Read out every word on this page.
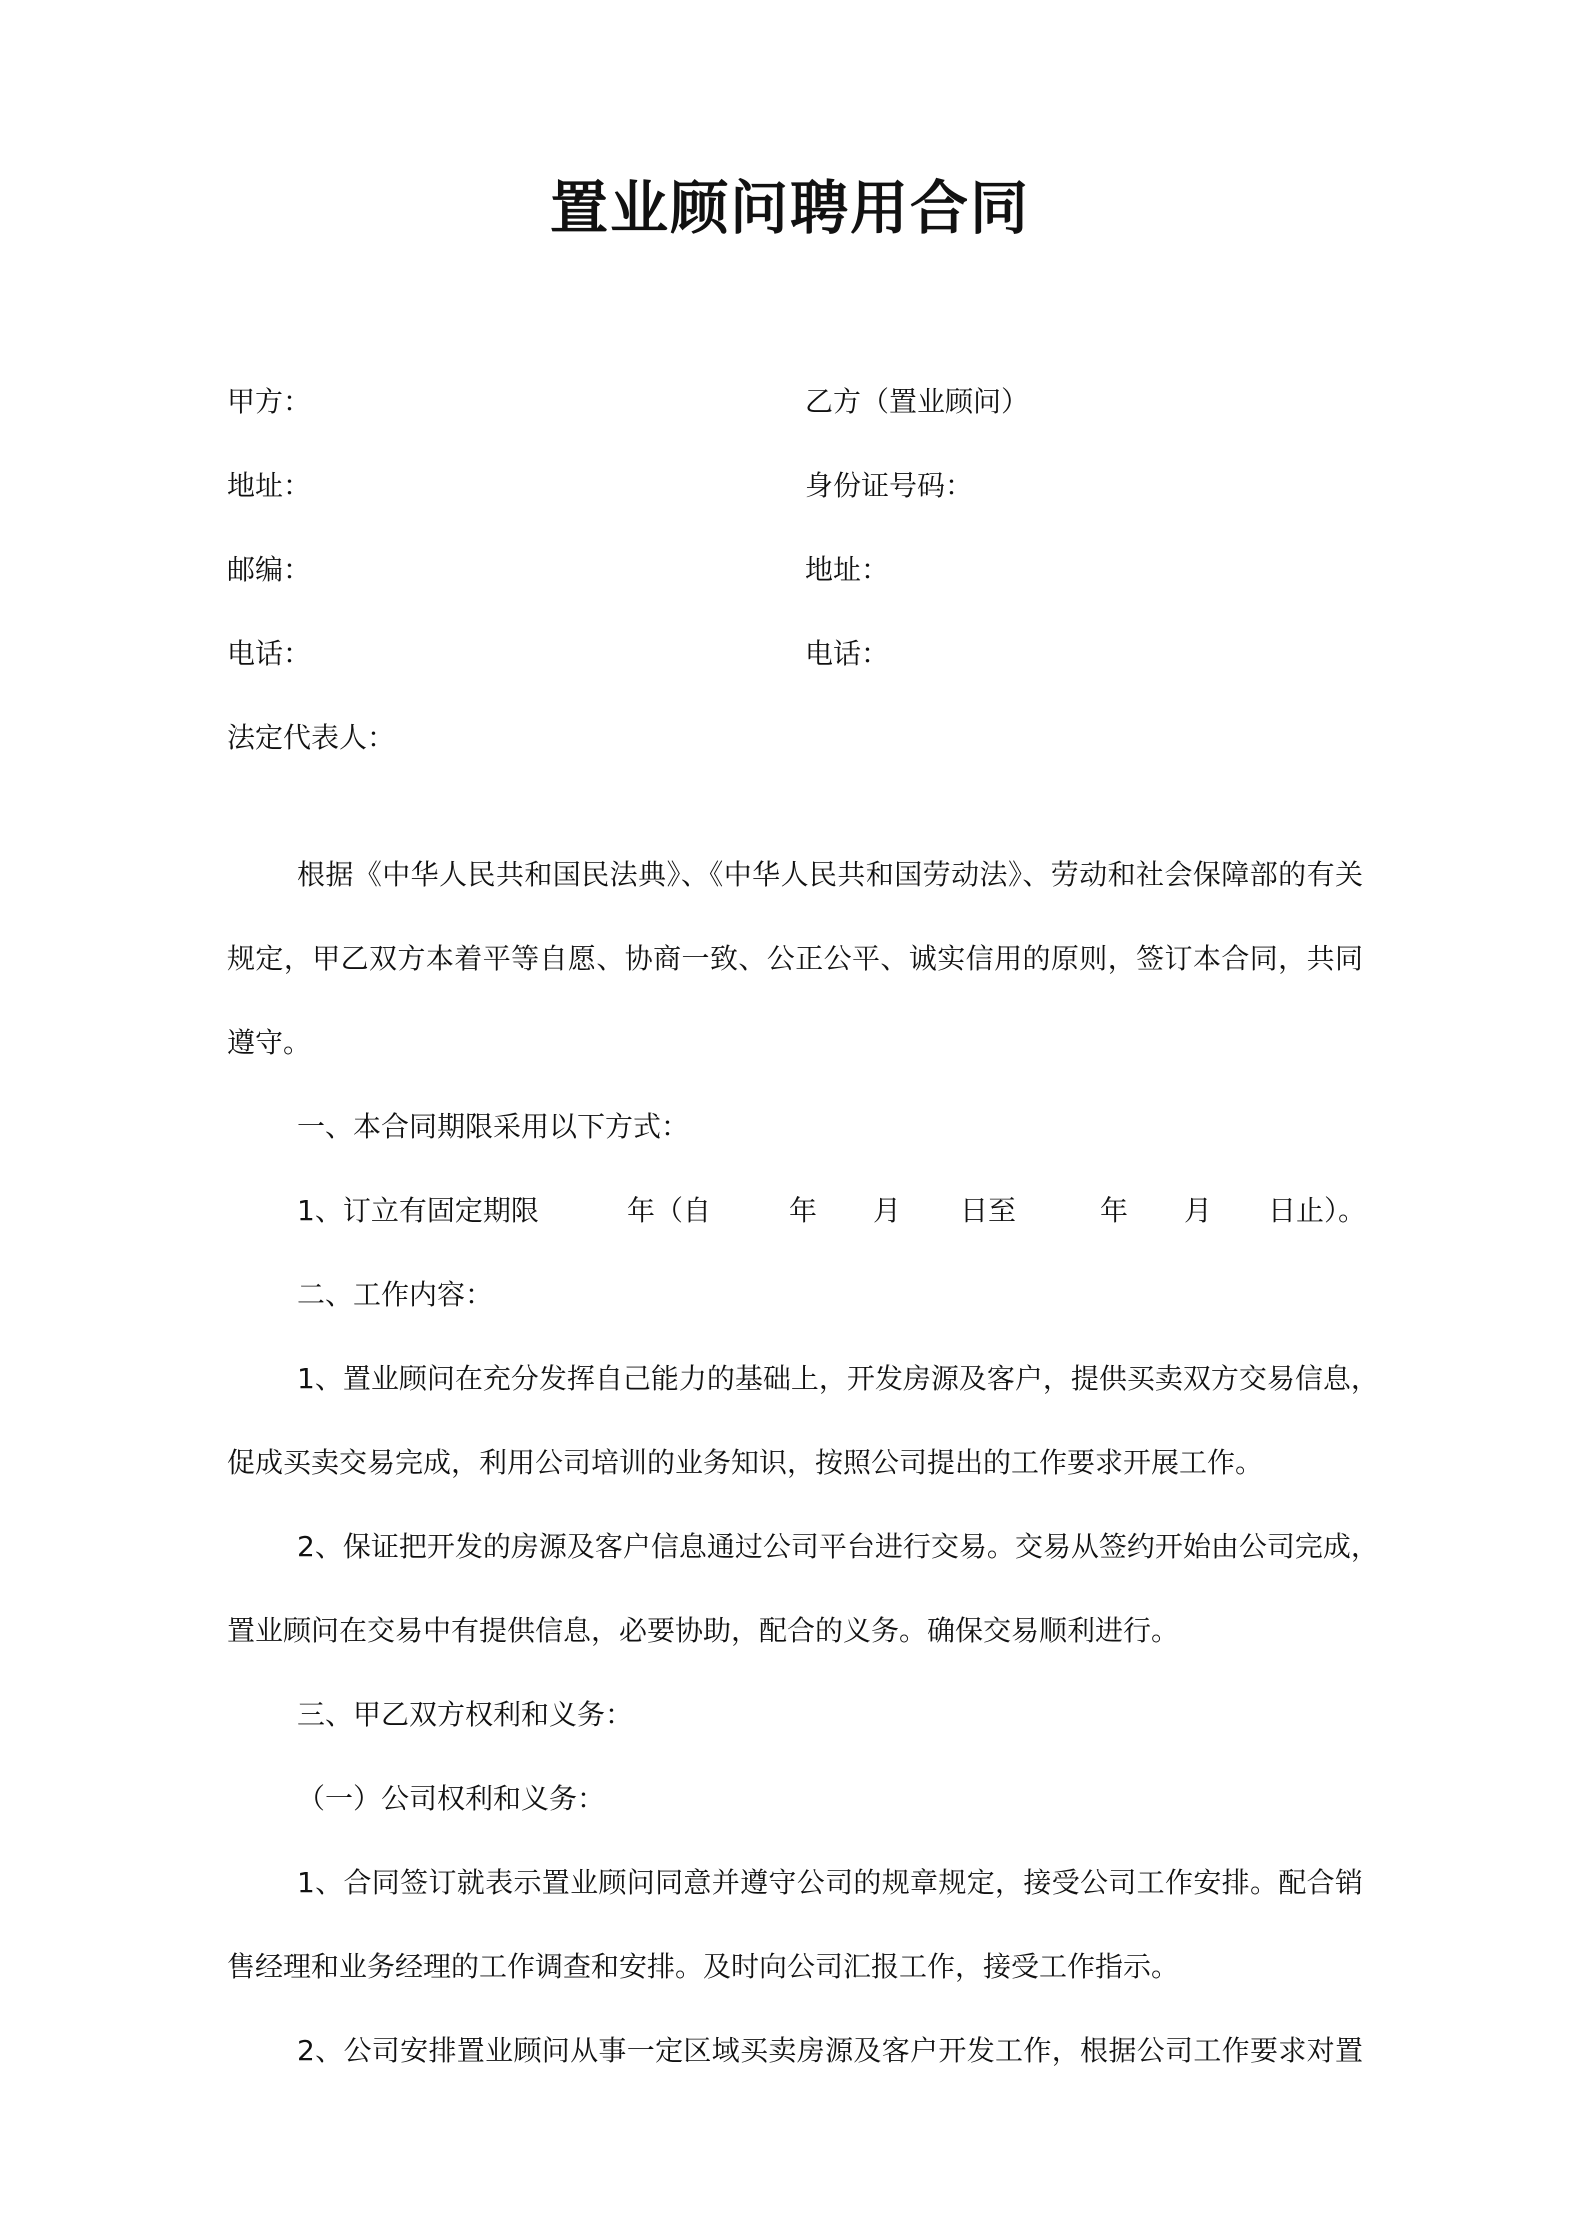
置业顾问聘用合同
甲方：	乙方（置业顾问）
地址：	身份证号码：
邮编：	地址：
电话：	电话：
法定代表人：
根据《中华人民共和国民法典》、《中华人民共和国劳动法》、劳动和社会保障部的有关
规定，甲乙双方本着平等自愿、协商一致、公正公平、诚实信用的原则，签订本合同，共同
遵守。
一、本合同期限采用以下方式：
1、订立有固定期限	年（自	年 月 日至	年 月 日止）。
二、工作内容：
1、置业顾问在充分发挥自己能力的基础上，开发房源及客户，提供买卖双方交易信息，
促成买卖交易完成，利用公司培训的业务知识，按照公司提出的工作要求开展工作。
2、保证把开发的房源及客户信息通过公司平台进行交易。交易从签约开始由公司完成，
置业顾问在交易中有提供信息，必要协助，配合的义务。确保交易顺利进行。
三、甲乙双方权利和义务：
（一）公司权利和义务：
1、合同签订就表示置业顾问同意并遵守公司的规章规定，接受公司工作安排。配合销
售经理和业务经理的工作调查和安排。及时向公司汇报工作，接受工作指示。
2、公司安排置业顾问从事一定区域买卖房源及客户开发工作，根据公司工作要求对置
